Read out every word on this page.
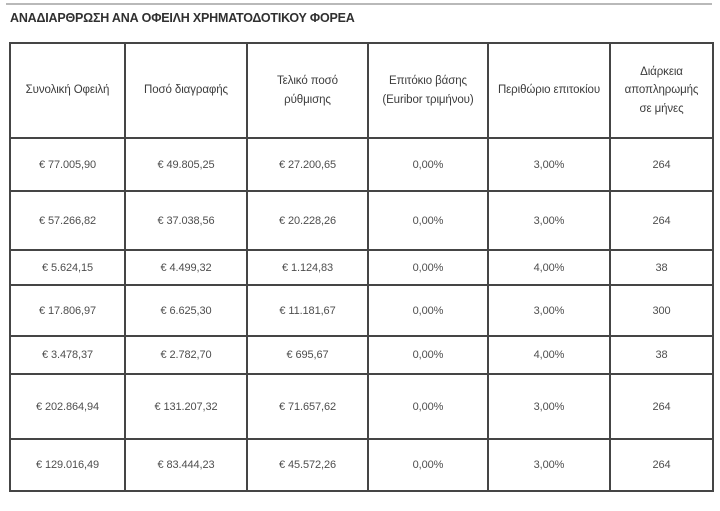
ΑΝΑΔΙΑΡΘΡΩΣΗ ΑΝΑ ΟΦΕΙΛΗ ΧΡΗΜΑΤΟΔΟΤΙΚΟΥ ΦΟΡΕΑ
Συνολική Οφειλή	Ποσό διαγραφής	Τελικό ποσό ρύθμισης	Επιτόκιο βάσης (Euribor τριμήνου)	Περιθώριο επιτοκίου	Διάρκεια αποπληρωμής σε μήνες
€ 77.005,90	€ 49.805,25	€ 27.200,65	0,00%	3,00%	264
€ 57.266,82	€ 37.038,56	€ 20.228,26	0,00%	3,00%	264
€ 5.624,15	€ 4.499,32	€ 1.124,83	0,00%	4,00%	38
€ 17.806,97	€ 6.625,30	€ 11.181,67	0,00%	3,00%	300
€ 3.478,37	€ 2.782,70	€ 695,67	0,00%	4,00%	38
€ 202.864,94	€ 131.207,32	€ 71.657,62	0,00%	3,00%	264
€ 129.016,49	€ 83.444,23	€ 45.572,26	0,00%	3,00%	264
